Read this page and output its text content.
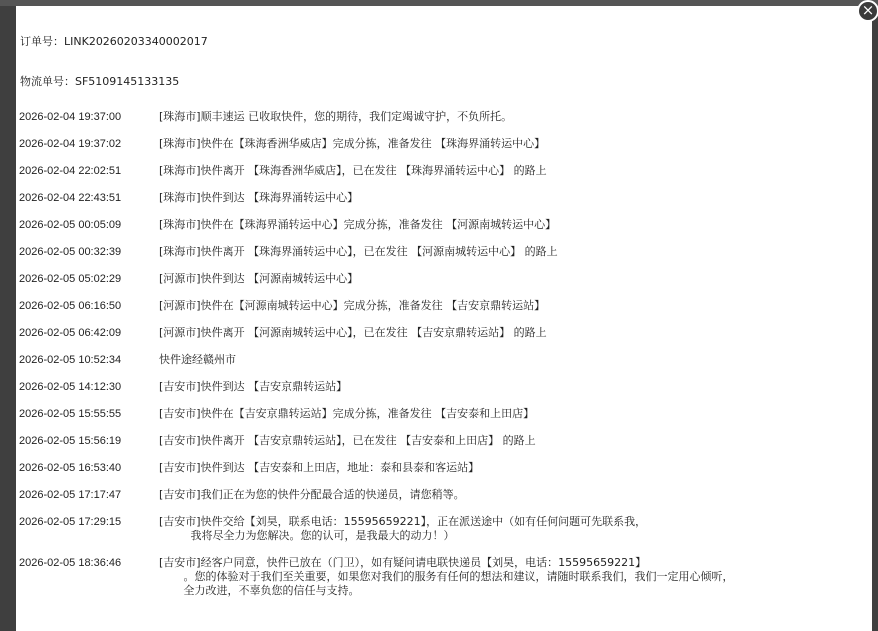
订单号：LINK20260203340002017
物流单号：SF5109145133135
2026-02-04 19:37:00	[珠海市]顺丰速运 已收取快件，您的期待，我们定竭诚守护，不负所托。
2026-02-04 19:37:02	[珠海市]快件在【珠海香洲华威店】完成分拣，准备发往 【珠海界涌转运中心】
2026-02-04 22:02:51	[珠海市]快件离开 【珠海香洲华威店】，已在发往 【珠海界涌转运中心】 的路上
2026-02-04 22:43:51	[珠海市]快件到达 【珠海界涌转运中心】
2026-02-05 00:05:09	[珠海市]快件在【珠海界涌转运中心】完成分拣，准备发往 【河源南城转运中心】
2026-02-05 00:32:39	[珠海市]快件离开 【珠海界涌转运中心】，已在发往 【河源南城转运中心】 的路上
2026-02-05 05:02:29	[河源市]快件到达 【河源南城转运中心】
2026-02-05 06:16:50	[河源市]快件在【河源南城转运中心】完成分拣，准备发往 【吉安京鼎转运站】
2026-02-05 06:42:09	[河源市]快件离开 【河源南城转运中心】，已在发往 【吉安京鼎转运站】 的路上
2026-02-05 10:52:34	快件途经赣州市
2026-02-05 14:12:30	[吉安市]快件到达 【吉安京鼎转运站】
2026-02-05 15:55:55	[吉安市]快件在【吉安京鼎转运站】完成分拣，准备发往 【吉安泰和上田店】
2026-02-05 15:56:19	[吉安市]快件离开 【吉安京鼎转运站】，已在发往 【吉安泰和上田店】 的路上
2026-02-05 16:53:40	[吉安市]快件到达 【吉安泰和上田店，地址：泰和县泰和客运站】
2026-02-05 17:17:47	[吉安市]我们正在为您的快件分配最合适的快递员，请您稍等。
2026-02-05 17:29:15	[吉安市]快件交给【刘昊，联系电话：15595659221】，正在派送途中（如有任何问题可先联系我，
我将尽全力为您解决。您的认可，是我最大的动力！）
2026-02-05 18:36:46	[吉安市]经客户同意，快件已放在（门卫），如有疑问请电联快递员【刘昊，电话：15595659221】
。您的体验对于我们至关重要，如果您对我们的服务有任何的想法和建议，请随时联系我们，我们一定用心倾听，
全力改进，不辜负您的信任与支持。
×
